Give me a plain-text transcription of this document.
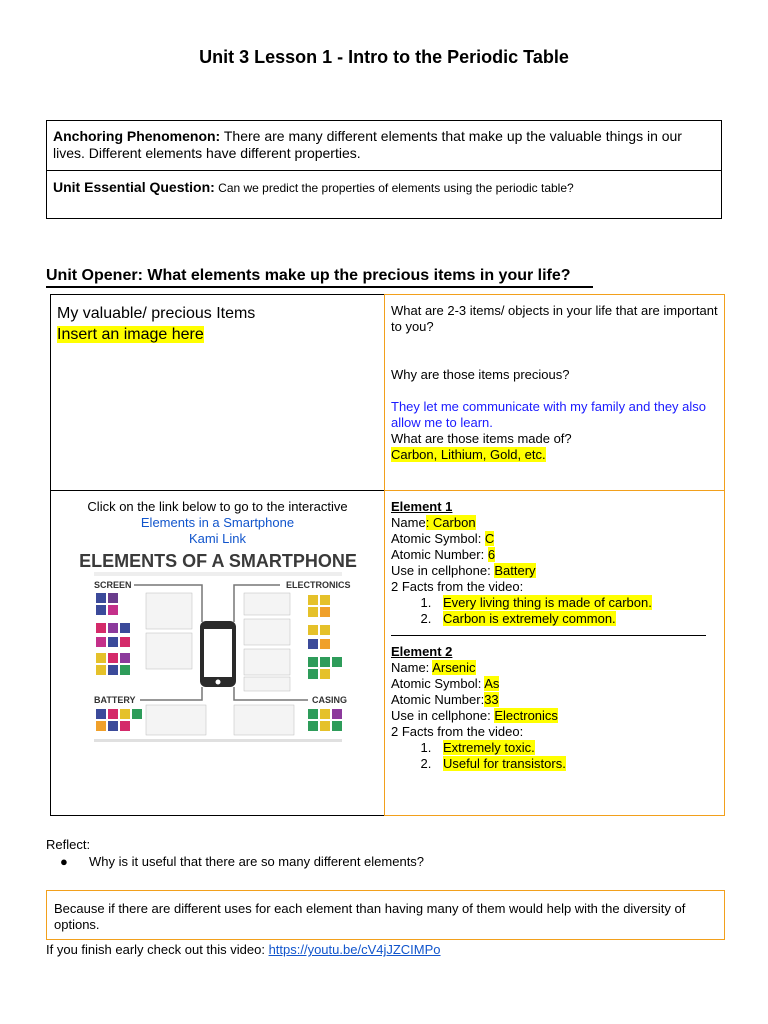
Unit 3 Lesson 1 - Intro to the Periodic Table
Anchoring Phenomenon: There are many different elements that make up the valuable things in our lives. Different elements have different properties.
Unit Essential Question: Can we predict the properties of elements using the periodic table?
Unit Opener: What elements make up the precious items in your life?
My valuable/ precious Items
Insert an image here
What are 2-3 items/ objects in your life that are important to you?
Why are those items precious?
They let me communicate with my family and they also allow me to learn.
What are those items made of?
Carbon, Lithium, Gold, etc.
Click on the link below to go to the interactive
Elements in a Smartphone
Kami Link
ELEMENTS OF A SMARTPHONE
SCREEN	ELECTRONICS
BATTERY	CASING
Element 1
Name: Carbon
Atomic Symbol: C
Atomic Number: 6
Use in cellphone: Battery
2 Facts from the video:
1. Every living thing is made of carbon.
2. Carbon is extremely common.
Element 2
Name: Arsenic
Atomic Symbol: As
Atomic Number:33
Use in cellphone: Electronics
2 Facts from the video:
1. Extremely toxic.
2. Useful for transistors.
Reflect:
● Why is it useful that there are so many different elements?
Because if there are different uses for each element than having many of them would help with the diversity of options.
If you finish early check out this video: https://youtu.be/cV4jJZCIMPo
